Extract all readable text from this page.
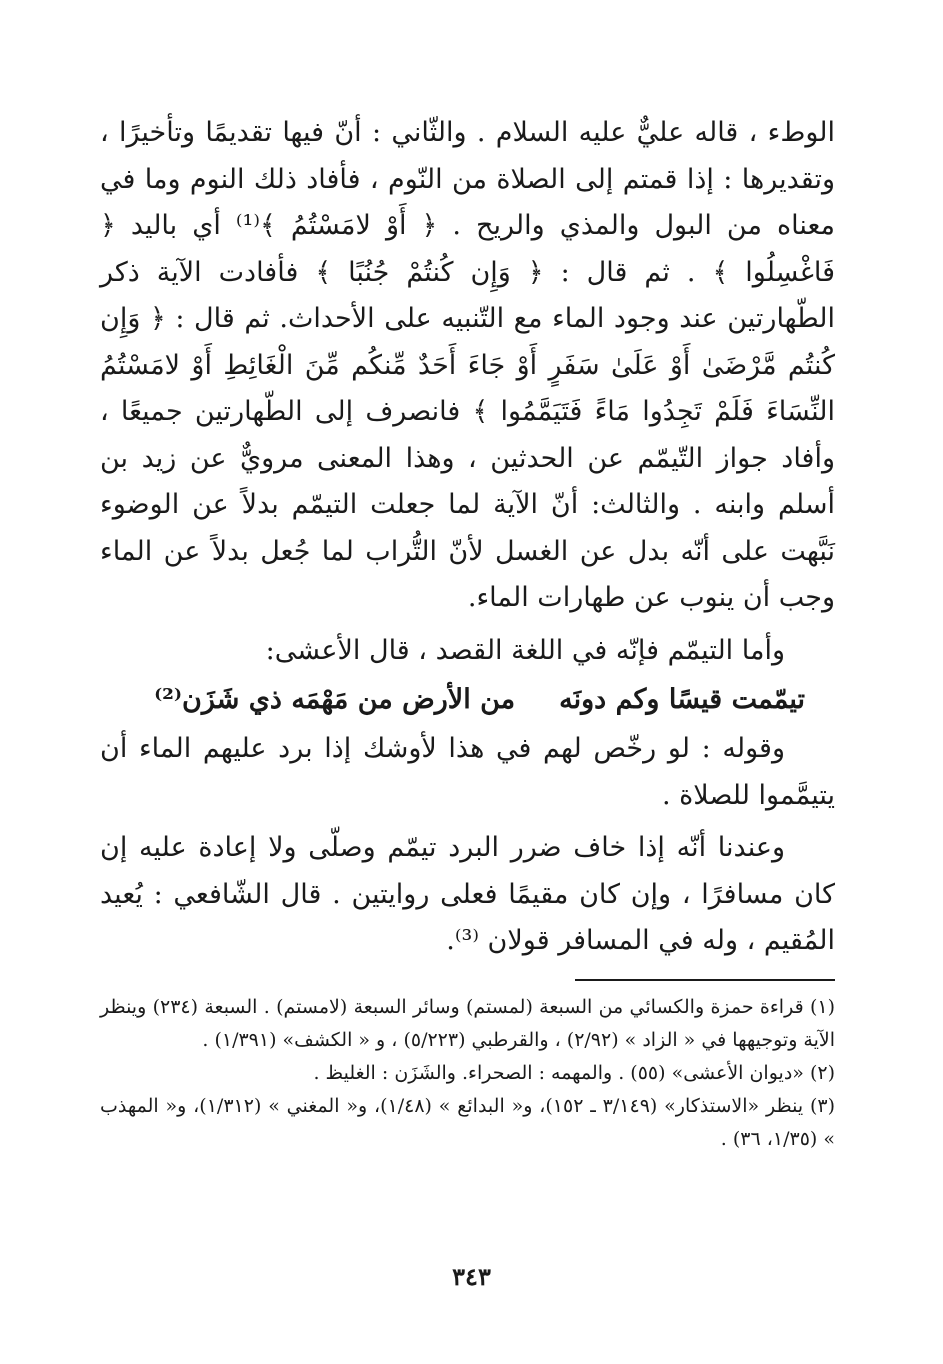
الوطء ، قاله عليٌّ عليه السلام . والثّاني : أنّ فيها تقديمًا وتأخيرًا ، وتقديرها : إذا قمتم إلى الصلاة من النّوم ، فأفاد ذلك النوم وما في معناه من البول والمذي والريح . ﴿ أَوْ لامَسْتُمُ ﴾⁽¹⁾ أي باليد ﴿ فَاغْسِلُوا ﴾ . ثم قال : ﴿ وَإِن كُنتُمْ جُنُبًا ﴾ فأفادت الآية ذكر الطّهارتين عند وجود الماء مع التّنبيه على الأحداث. ثم قال : ﴿ وَإِن كُنتُم مَّرْضَىٰ أَوْ عَلَىٰ سَفَرٍ أَوْ جَاءَ أَحَدٌ مِّنكُم مِّنَ الْغَائِطِ أَوْ لامَسْتُمُ النِّسَاءَ فَلَمْ تَجِدُوا مَاءً فَتَيَمَّمُوا ﴾ فانصرف إلى الطّهارتين جميعًا ، وأفاد جواز التّيمّم عن الحدثين ، وهذا المعنى مرويٌّ عن زيد بن أسلم وابنه . والثالث: أنّ الآية لما جعلت التيمّم بدلاً عن الوضوء نَبَّهت على أنّه بدل عن الغسل لأنّ التُّراب لما جُعل بدلاً عن الماء وجب أن ينوب عن طهارات الماء.

وأما التيمّم فإنّه في اللغة القصد ، قال الأعشى:

تيمّمت قيسًا وكم دونَه
من الأرض من مَهْمَه ذي شَزَن⁽²⁾

وقوله : لو رخّص لهم في هذا لأوشك إذا برد عليهم الماء أن يتيمَّموا للصلاة .

وعندنا أنّه إذا خاف ضرر البرد تيمّم وصلّى ولا إعادة عليه إن كان مسافرًا ، وإن كان مقيمًا فعلى روايتين . قال الشّافعي : يُعيد المُقيم ، وله في المسافر قولان ⁽³⁾.

(١) قراءة حمزة والكسائي من السبعة (لمستم) وسائر السبعة (لامستم) . السبعة (٢٣٤) وينظر الآية وتوجيهها في « الزاد » (٢/٩٢) ، والقرطبي (٥/٢٢٣) ، و « الكشف» (١/٣٩١) .

(٢) «ديوان الأعشى» (٥٥) . والمهمه : الصحراء. والشَزَن : الغليظ .

(٣) ينظر «الاستذكار» (٣/١٤٩ ـ ١٥٢)، و« البدائع » (١/٤٨)، و« المغني » (١/٣١٢)، و« المهذب » (١/٣٥، ٣٦) .

٣٤٣
